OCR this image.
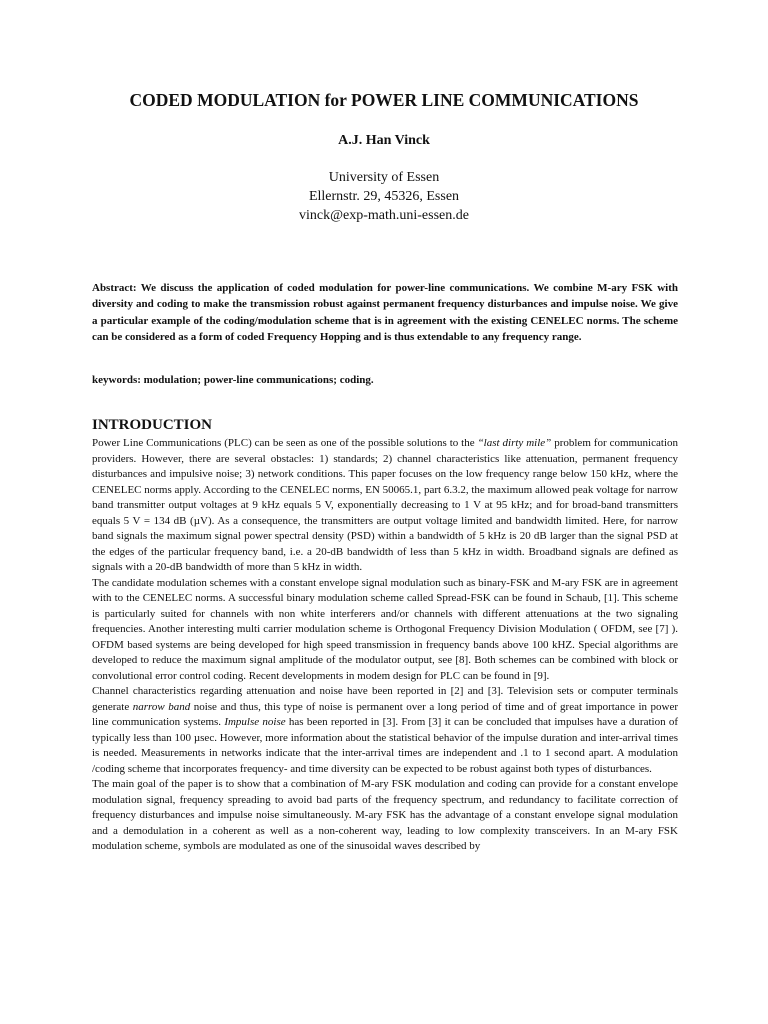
CODED MODULATION for POWER LINE COMMUNICATIONS
A.J. Han Vinck
University of Essen
Ellernstr. 29, 45326, Essen
vinck@exp-math.uni-essen.de
Abstract: We discuss the application of coded modulation for power-line communications. We combine M-ary FSK with diversity and coding to make the transmission robust against permanent frequency disturbances and impulse noise. We give a particular example of the coding/modulation scheme that is in agreement with the existing CENELEC norms. The scheme can be considered as a form of coded Frequency Hopping and is thus extendable to any frequency range.
keywords: modulation; power-line communications; coding.
INTRODUCTION

Power Line Communications (PLC) can be seen as one of the possible solutions to the “last dirty mile” problem for communication providers. However, there are several obstacles: 1) standards; 2) channel characteristics like attenuation, permanent frequency disturbances and impulsive noise; 3) network conditions. This paper focuses on the low frequency range below 150 kHz, where the CENELEC norms apply. According to the CENELEC norms, EN 50065.1, part 6.3.2, the maximum allowed peak voltage for narrow band transmitter output voltages at 9 kHz equals 5 V, exponentially decreasing to 1 V at 95 kHz; and for broad-band transmitters equals 5 V = 134 dB (µV). As a consequence, the transmitters are output voltage limited and bandwidth limited. Here, for narrow band signals the maximum signal power spectral density (PSD) within a bandwidth of 5 kHz is 20 dB larger than the signal PSD at the edges of the particular frequency band, i.e. a 20-dB bandwidth of less than 5 kHz in width. Broadband signals are defined as signals with a 20-dB bandwidth of more than 5 kHz in width.

The candidate modulation schemes with a constant envelope signal modulation such as binary-FSK and M-ary FSK are in agreement with to the CENELEC norms. A successful binary modulation scheme called Spread-FSK can be found in Schaub, [1]. This scheme is particularly suited for channels with non white interferers and/or channels with different attenuations at the two signaling frequencies. Another interesting multi carrier modulation scheme is Orthogonal Frequency Division Modulation ( OFDM, see [7] ). OFDM based systems are being developed for high speed transmission in frequency bands above 100 kHZ. Special algorithms are developed to reduce the maximum signal amplitude of the modulator output, see [8]. Both schemes can be combined with block or convolutional error control coding. Recent developments in modem design for PLC can be found in [9].

Channel characteristics regarding attenuation and noise have been reported in [2] and [3]. Television sets or computer terminals generate narrow band noise and thus, this type of noise is permanent over a long period of time and of great importance in power line communication systems. Impulse noise has been reported in [3]. From [3] it can be concluded that impulses have a duration of typically less than 100 µsec. However, more information about the statistical behavior of the impulse duration and inter-arrival times is needed. Measurements in networks indicate that the inter-arrival times are independent and .1 to 1 second apart. A modulation /coding scheme that incorporates frequency- and time diversity can be expected to be robust against both types of disturbances.

The main goal of the paper is to show that a combination of M-ary FSK modulation and coding can provide for a constant envelope modulation signal, frequency spreading to avoid bad parts of the frequency spectrum, and redundancy to facilitate correction of frequency disturbances and impulse noise simultaneously. M-ary FSK has the advantage of a constant envelope signal modulation and a demodulation in a coherent as well as a non-coherent way, leading to low complexity transceivers. In an M-ary FSK modulation scheme, symbols are modulated as one of the sinusoidal waves described by
